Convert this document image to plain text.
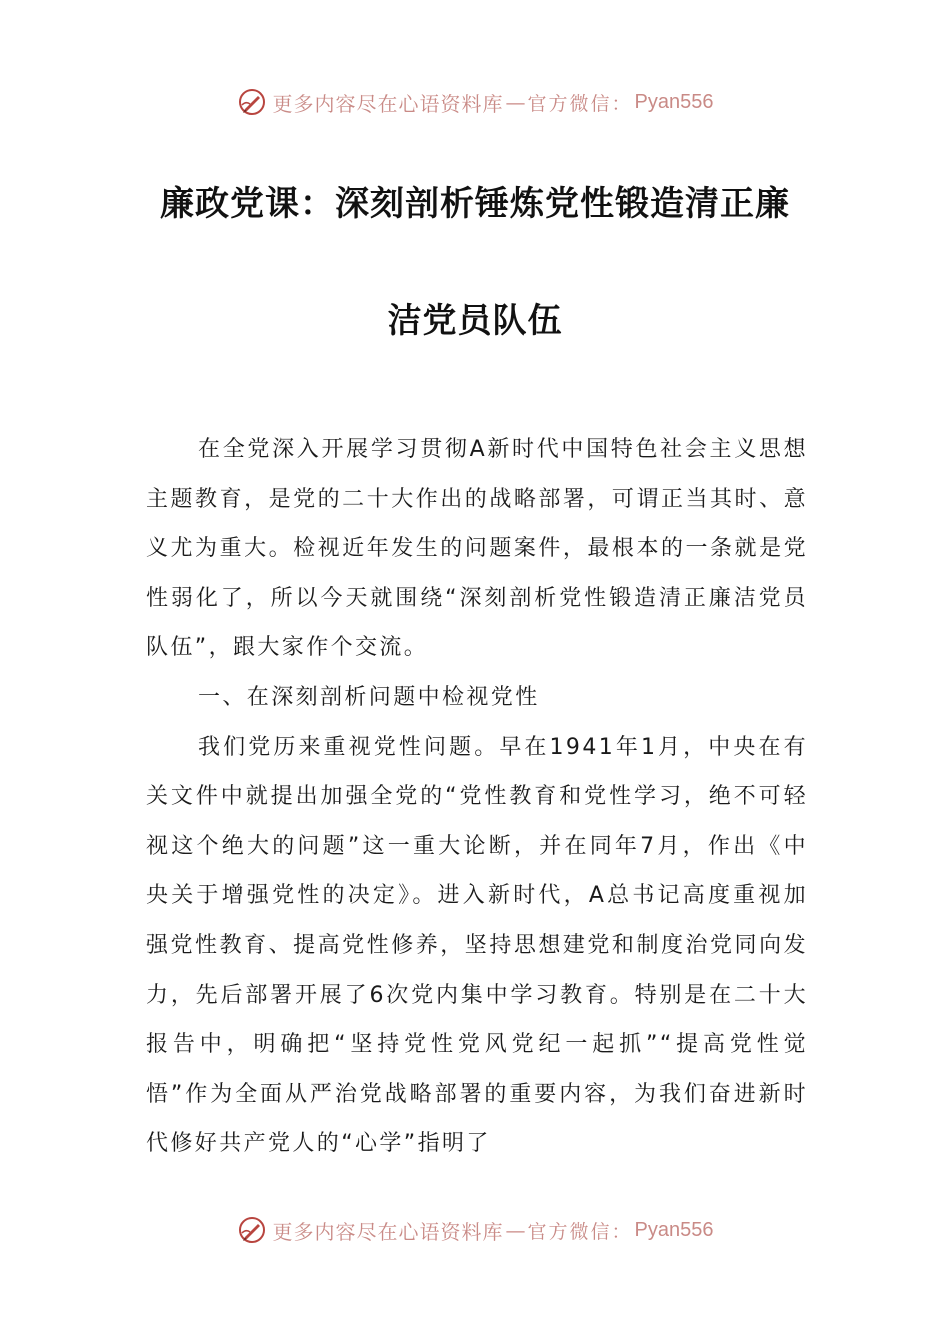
更多内容尽在心语资料库 — 官方微信： Pyan556
廉政党课：深刻剖析锤炼党性锻造清正廉
洁党员队伍

在全党深入开展学习贯彻A新时代中国特色社会主义思想主题教育，是党的二十大作出的战略部署，可谓正当其时、意义尤为重大。检视近年发生的问题案件，最根本的一条就是党性弱化了，所以今天就围绕“深刻剖析党性锻造清正廉洁党员队伍”，跟大家作个交流。

一、在深刻剖析问题中检视党性

我们党历来重视党性问题。早在1941年1月，中央在有关文件中就提出加强全党的“党性教育和党性学习，绝不可轻视这个绝大的问题”这一重大论断，并在同年7月，作出《中央关于增强党性的决定》。进入新时代，A总书记高度重视加强党性教育、提高党性修养，坚持思想建党和制度治党同向发力，先后部署开展了6次党内集中学习教育。特别是在二十大报告中，明确把“坚持党性党风党纪一起抓”“提高党性觉悟”作为全面从严治党战略部署的重要内容，为我们奋进新时代修好共产党人的“心学”指明了

更多内容尽在心语资料库 — 官方微信： Pyan556
